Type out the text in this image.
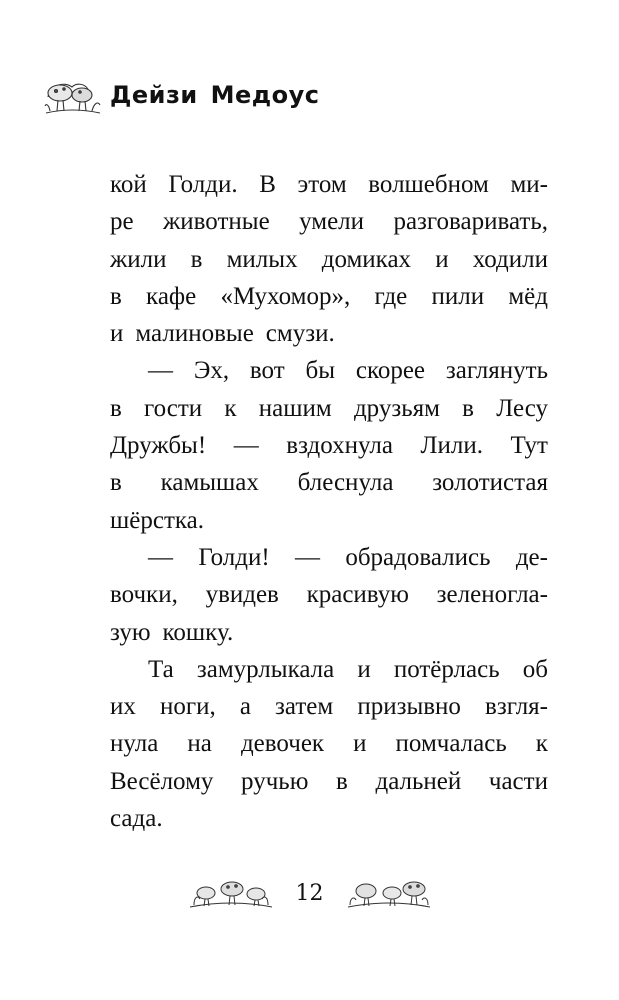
Дейзи Медоус
кой Голди. В этом волшебном ми-
ре животные умели разговаривать,
жили в милых домиках и ходили
в кафе «Мухомор», где пили мёд
и малиновые смузи.
— Эх, вот бы скорее заглянуть
в гости к нашим друзьям в Лесу
Дружбы! — вздохнула Лили. Тут
в камышах блеснула золотистая
шёрстка.
— Голди! — обрадовались де-
вочки, увидев красивую зеленогла-
зую кошку.
Та замурлыкала и потёрлась об
их ноги, а затем призывно взгля-
нула на девочек и помчалась к
Весёлому ручью в дальней части
сада.
12
